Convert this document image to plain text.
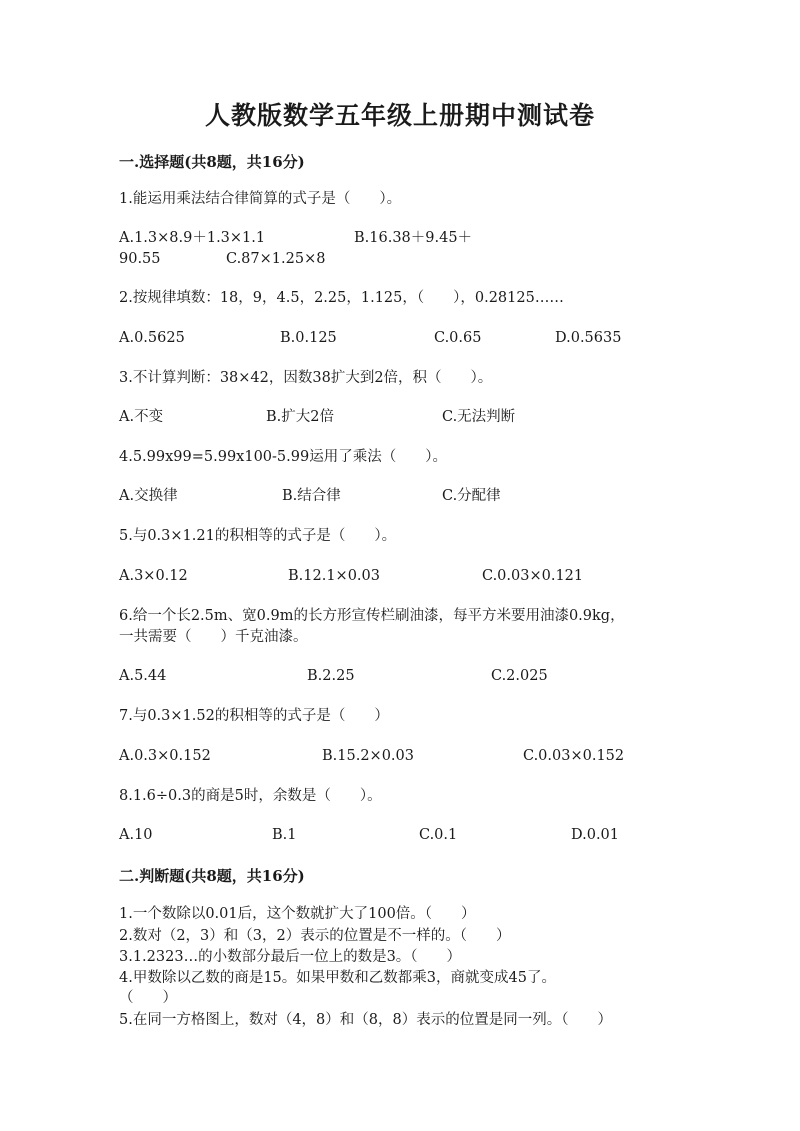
人教版数学五年级上册期中测试卷
一.选择题(共8题，共16分)
1.能运用乘法结合律简算的式子是（　　）。
A.1.3×8.9＋1.3×1.1	B.16.38＋9.45＋
90.55	C.87×1.25×8
2.按规律填数：18，9，4.5，2.25，1.125，（　　），0.28125……
A.0.5625	B.0.125	C.0.65	D.0.5635
3.不计算判断：38×42，因数38扩大到2倍，积（　　）。
A.不变	B.扩大2倍	C.无法判断
4.5.99x99=5.99x100-5.99运用了乘法（　　）。
A.交换律	B.结合律	C.分配律
5.与0.3×1.21的积相等的式子是（　　）。
A.3×0.12	B.12.1×0.03	C.0.03×0.121
6.给一个长2.5m、宽0.9m的长方形宣传栏刷油漆，每平方米要用油漆0.9kg，
一共需要（　　）千克油漆。
A.5.44	B.2.25	C.2.025
7.与0.3×1.52的积相等的式子是（　　）
A.0.3×0.152	B.15.2×0.03	C.0.03×0.152
8.1.6÷0.3的商是5时，余数是（　　）。
A.10	B.1	C.0.1	D.0.01
二.判断题(共8题，共16分)
1.一个数除以0.01后，这个数就扩大了100倍。（　　）
2.数对（2，3）和（3，2）表示的位置是不一样的。（　　）
3.1.2323…的小数部分最后一位上的数是3。（　　）
4.甲数除以乙数的商是15。如果甲数和乙数都乘3，商就变成45了。
（　　）
5.在同一方格图上，数对（4，8）和（8，8）表示的位置是同一列。（　　）
